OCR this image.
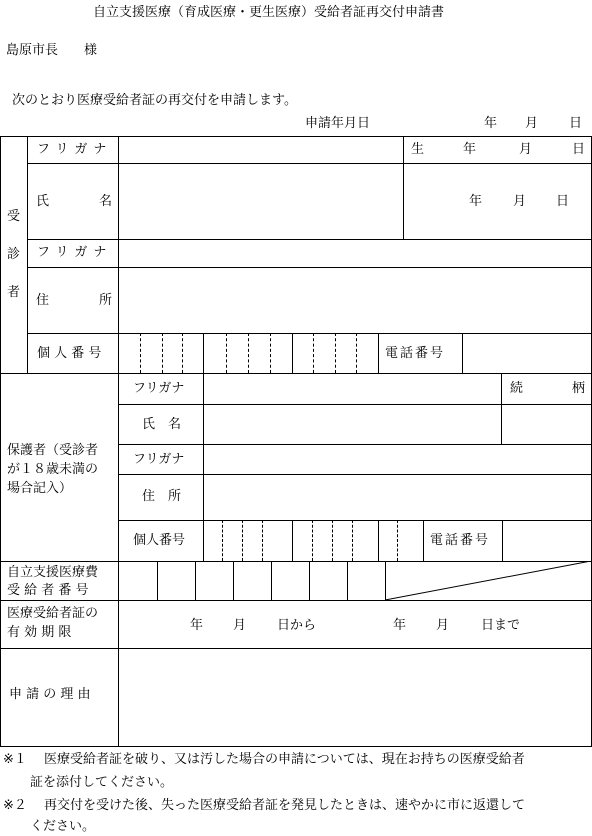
自立支援医療（育成医療・更生医療）受給者証再交付申請書
島原市長　　様
次のとおり医療受給者証の再交付を申請します。
申請年月日	年 月 日
受
診
者
フリガナ	生	年	月	日
氏	名	年 月 日
フリガナ
住	所
個 人 番 号	電話番号
保護者（受診者
が１８歳未満の
場合記入）
フリガナ	続	柄
氏　名
フリガナ
住　所
個人番号	電話番号
自立支援医療費
受 給 者 番 号
医療受給者証の
有 効 期 限	年 月 日から	年 月 日まで
申 請 の 理 由
※１ 医療受給者証を破り、又は汚した場合の申請については、現在お持ちの医療受給者
証を添付してください。
※２ 再交付を受けた後、失った医療受給者証を発見したときは、速やかに市に返還して
ください。
